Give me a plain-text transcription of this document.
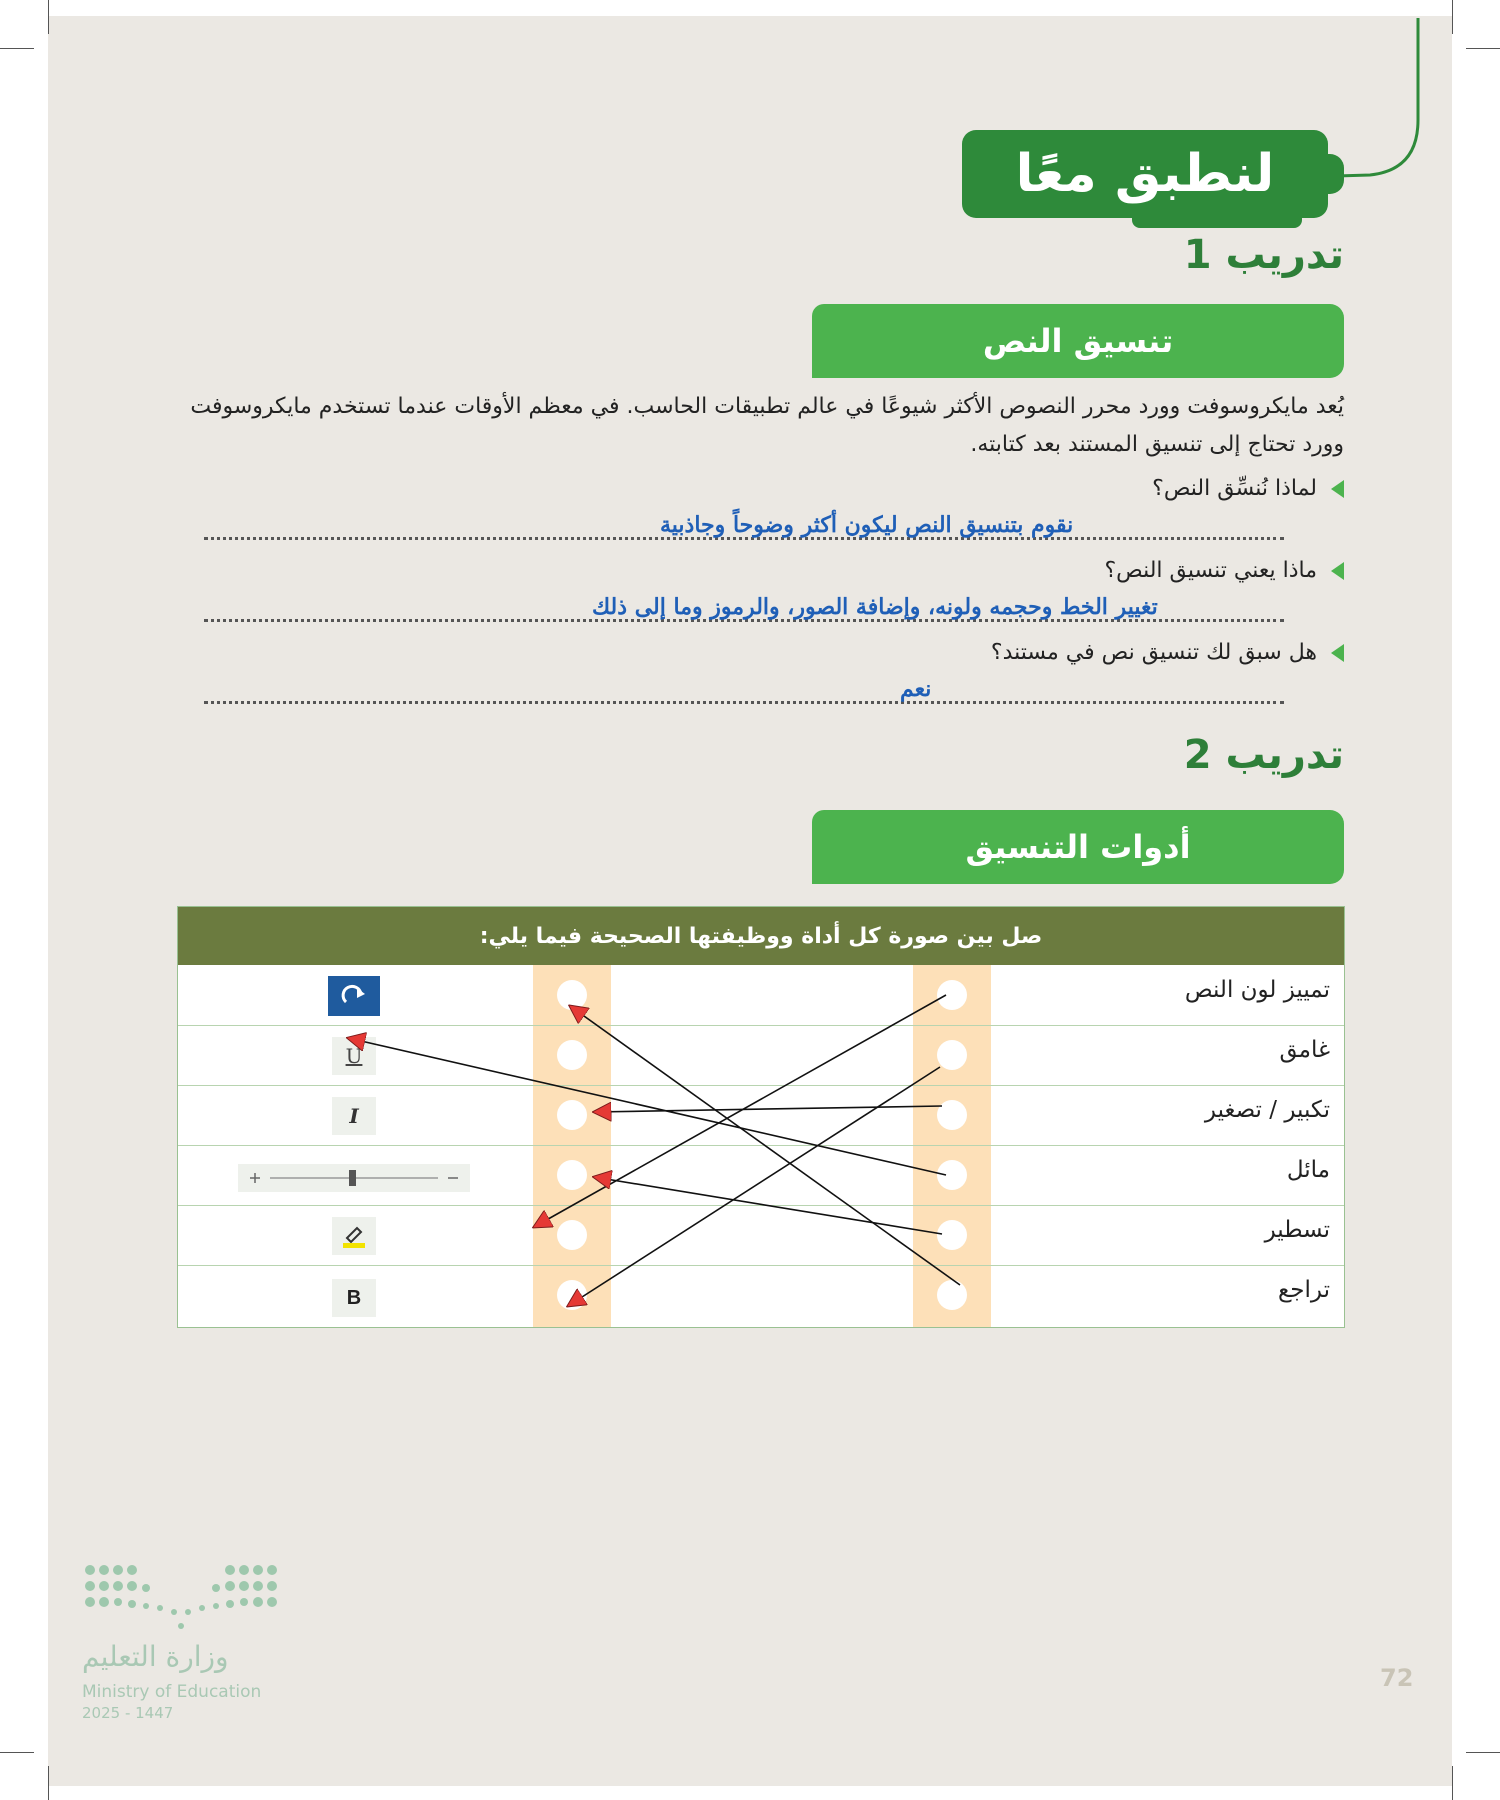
لنطبق معًا
تدريب 1
تنسيق النص
يُعد مايكروسوفت وورد محرر النصوص الأكثر شيوعًا في عالم تطبيقات الحاسب. في معظم الأوقات عندما تستخدم مايكروسوفت وورد تحتاج إلى تنسيق المستند بعد كتابته.
لماذا نُنسِّق النص؟
نقوم بتنسيق النص ليكون أكثر وضوحاً وجاذبية
ماذا يعني تنسيق النص؟
تغيير الخط وحجمه ولونه، وإضافة الصور، والرموز وما إلى ذلك
هل سبق لك تنسيق نص في مستند؟
نعم
تدريب 2
أدوات التنسيق
صل بين صورة كل أداة ووظيفتها الصحيحة فيما يلي:
تمييز لون النص
غامق
تكبير / تصغير
مائل
تسطير
تراجع
U
I
B
وزارة التعليم
Ministry of Education
2025 - 1447
72
